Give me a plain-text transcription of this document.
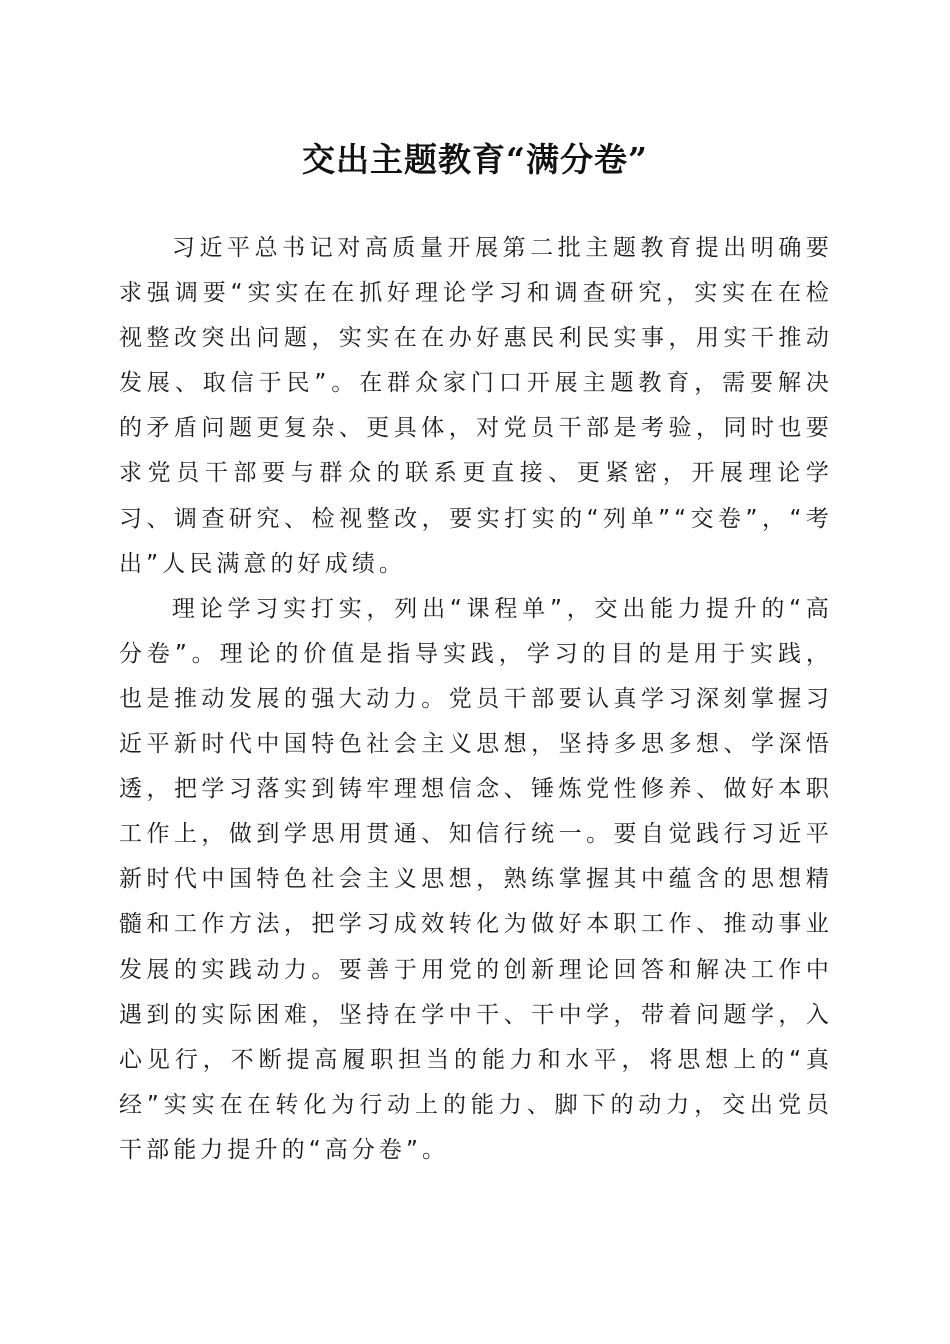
交出主题教育“满分卷”

习近平总书记对高质量开展第二批主题教育提出明确要求强调要“实实在在抓好理论学习和调查研究，实实在在检视整改突出问题，实实在在办好惠民利民实事，用实干推动发展、取信于民”。在群众家门口开展主题教育，需要解决的矛盾问题更复杂、更具体，对党员干部是考验，同时也要求党员干部要与群众的联系更直接、更紧密，开展理论学习、调查研究、检视整改，要实打实的“列单”“交卷”，“考出”人民满意的好成绩。

理论学习实打实，列出“课程单”，交出能力提升的“高分卷”。理论的价值是指导实践，学习的目的是用于实践，也是推动发展的强大动力。党员干部要认真学习深刻掌握习近平新时代中国特色社会主义思想，坚持多思多想、学深悟透，把学习落实到铸牢理想信念、锤炼党性修养、做好本职工作上，做到学思用贯通、知信行统一。要自觉践行习近平新时代中国特色社会主义思想，熟练掌握其中蕴含的思想精髓和工作方法，把学习成效转化为做好本职工作、推动事业发展的实践动力。要善于用党的创新理论回答和解决工作中遇到的实际困难，坚持在学中干、干中学，带着问题学，入心见行，不断提高履职担当的能力和水平，将思想上的“真经”实实在在转化为行动上的能力、脚下的动力，交出党员干部能力提升的“高分卷”。
